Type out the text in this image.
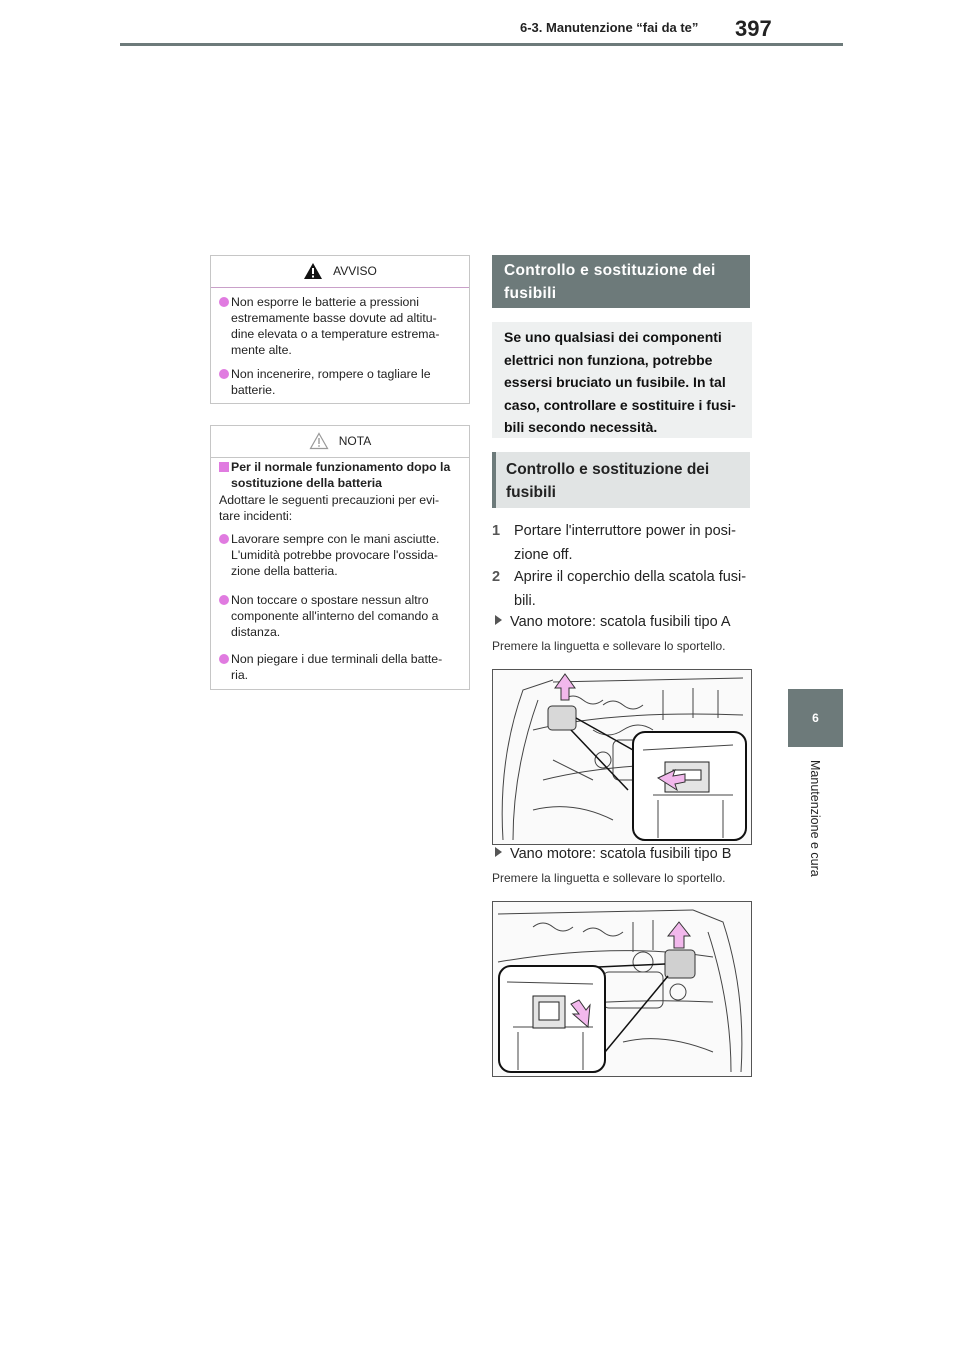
6-3. Manutenzione “fai da te” 397
6
Manutenzione e cura
AVVISO
Non esporre le batterie a pressioni estremamente basse dovute ad altitu-dine elevata o a temperature estrema-mente alte.
Non incenerire, rompere o tagliare le batterie.
NOTA
Per il normale funzionamento dopo la sostituzione della batteria
Adottare le seguenti precauzioni per evi-tare incidenti:
Lavorare sempre con le mani asciutte. L'umidità potrebbe provocare l'ossida-zione della batteria.
Non toccare o spostare nessun altro componente all'interno del comando a distanza.
Non piegare i due terminali della batte-ria.
Controllo e sostituzione dei fusibili
Se uno qualsiasi dei componenti elettrici non funziona, potrebbe essersi bruciato un fusibile. In tal caso, controllare e sostituire i fusi-bili secondo necessità.
Controllo e sostituzione dei fusibili
1 Portare l'interruttore power in posi-zione off.
2 Aprire il coperchio della scatola fusi-bili.
Vano motore: scatola fusibili tipo A
Premere la linguetta e sollevare lo sportello.
Vano motore: scatola fusibili tipo B
Premere la linguetta e sollevare lo sportello.
